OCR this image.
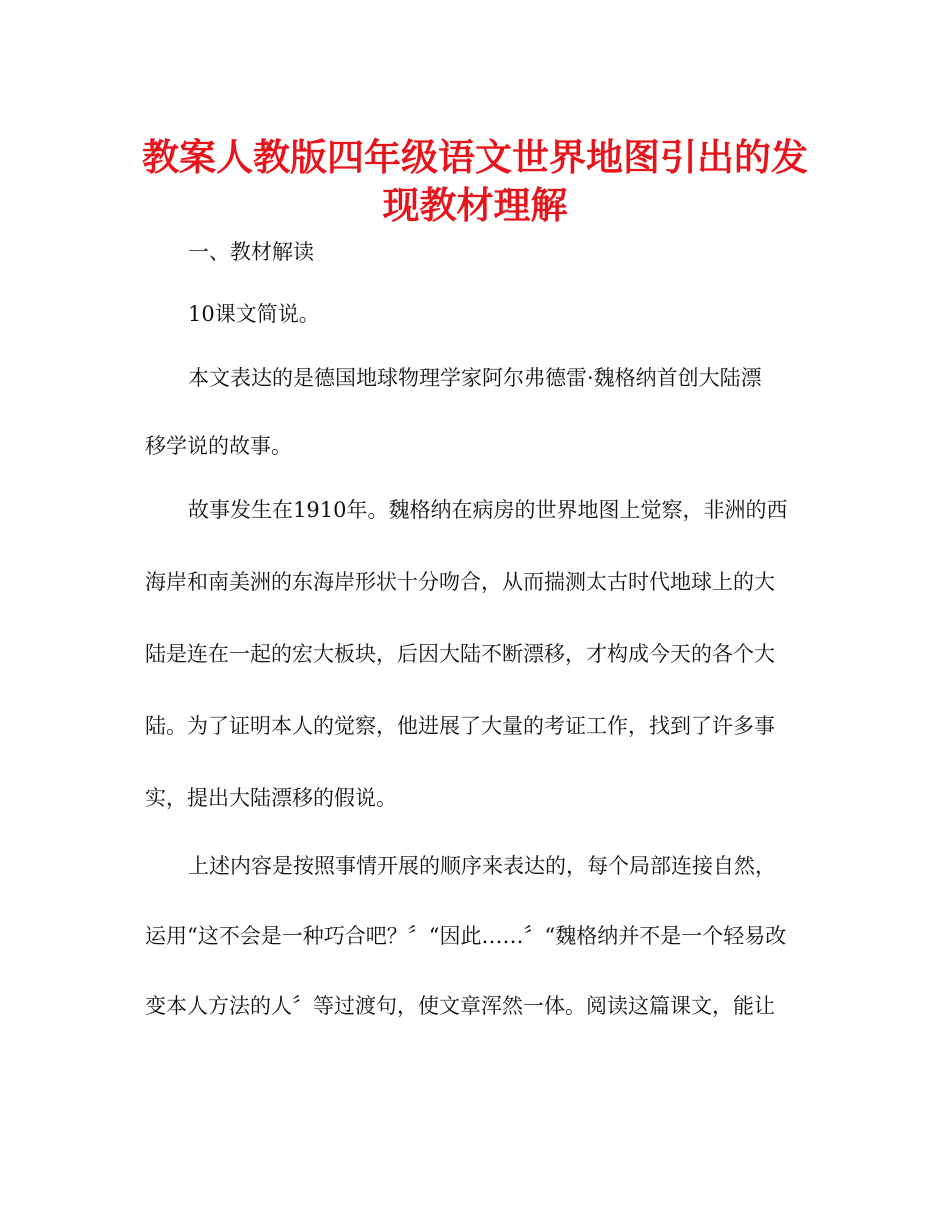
教案人教版四年级语文世界地图引出的发
现教材理解

一、教材解读

10课文简说。

本文表达的是德国地球物理学家阿尔弗德雷·魏格纳首创大陆漂

移学说的故事。

故事发生在1910年。魏格纳在病房的世界地图上觉察，非洲的西

海岸和南美洲的东海岸形状十分吻合，从而揣测太古时代地球上的大

陆是连在一起的宏大板块，后因大陆不断漂移，才构成今天的各个大

陆。为了证明本人的觉察，他进展了大量的考证工作，找到了许多事

实，提出大陆漂移的假说。

上述内容是按照事情开展的顺序来表达的，每个局部连接自然，

运用“这不会是一种巧合吧？〞“因此……〞“魏格纳并不是一个轻易改

变本人方法的人〞等过渡句，使文章浑然一体。阅读这篇课文，能让
